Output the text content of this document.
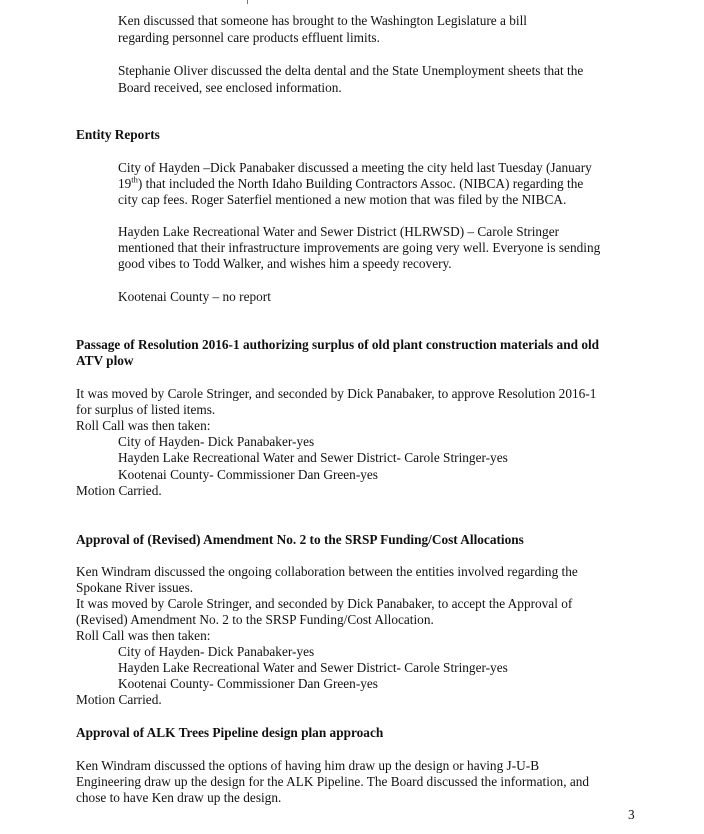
Ken discussed that someone has brought to the Washington Legislature a bill

regarding personnel care products effluent limits.

Stephanie Oliver discussed the delta dental and the State Unemployment sheets that the

Board received, see enclosed information.

Entity Reports

City of Hayden –Dick Panabaker discussed a meeting the city held last Tuesday (January

19th) that included the North Idaho Building Contractors Assoc. (NIBCA) regarding the

city cap fees. Roger Saterfiel mentioned a new motion that was filed by the NIBCA.

Hayden Lake Recreational Water and Sewer District (HLRWSD) – Carole Stringer

mentioned that their infrastructure improvements are going very well. Everyone is sending

good vibes to Todd Walker, and wishes him a speedy recovery.

Kootenai County – no report

Passage of Resolution 2016-1 authorizing surplus of old plant construction materials and old

ATV plow

It was moved by Carole Stringer, and seconded by Dick Panabaker, to approve Resolution 2016-1

for surplus of listed items.

Roll Call was then taken:

City of Hayden- Dick Panabaker-yes

Hayden Lake Recreational Water and Sewer District- Carole Stringer-yes

Kootenai County- Commissioner Dan Green-yes

Motion Carried.

Approval of (Revised) Amendment No. 2 to the SRSP Funding/Cost Allocations

Ken Windram discussed the ongoing collaboration between the entities involved regarding the

Spokane River issues.

It was moved by Carole Stringer, and seconded by Dick Panabaker, to accept the Approval of

(Revised) Amendment No. 2 to the SRSP Funding/Cost Allocation.

Roll Call was then taken:

City of Hayden- Dick Panabaker-yes

Hayden Lake Recreational Water and Sewer District- Carole Stringer-yes

Kootenai County- Commissioner Dan Green-yes

Motion Carried.

Approval of ALK Trees Pipeline design plan approach

Ken Windram discussed the options of having him draw up the design or having J-U-B

Engineering draw up the design for the ALK Pipeline. The Board discussed the information, and

chose to have Ken draw up the design.

3
